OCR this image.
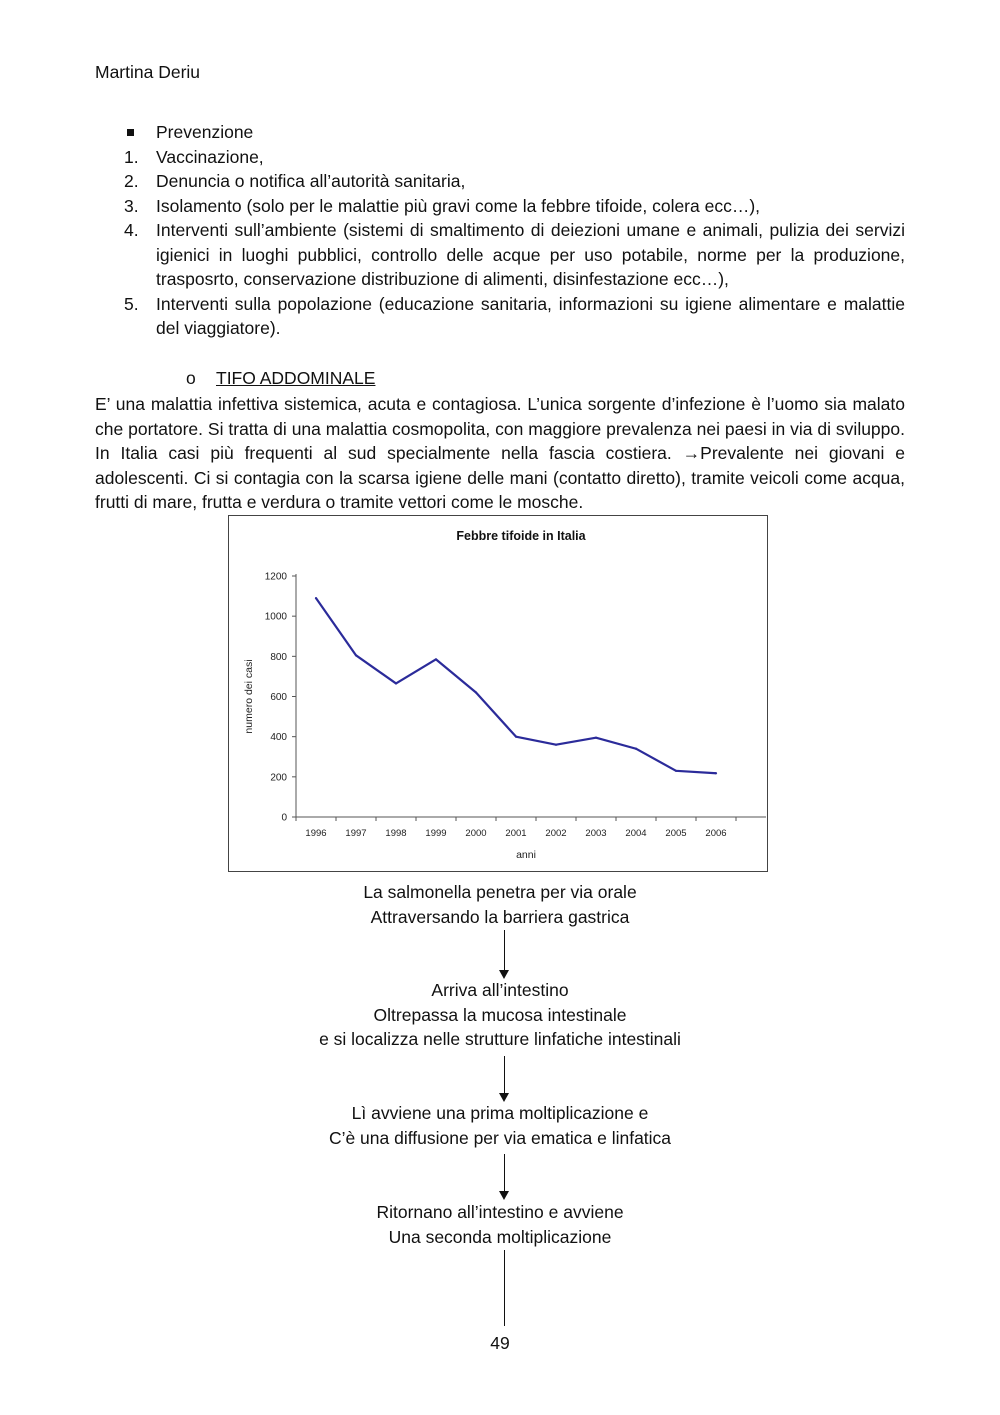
Martina Deriu
Prevenzione
1. Vaccinazione,
2. Denuncia o notifica all’autorità sanitaria,
3. Isolamento (solo per le malattie più gravi come la febbre tifoide, colera ecc…),
4. Interventi sull’ambiente (sistemi di smaltimento di deiezioni umane e animali, pulizia dei servizi igienici in luoghi pubblici, controllo delle acque per uso potabile, norme per la produzione, trasposrto, conservazione distribuzione di alimenti, disinfestazione ecc…),
5. Interventi sulla popolazione (educazione sanitaria, informazioni su igiene alimentare e malattie del viaggiatore).
o TIFO ADDOMINALE

E’ una malattia infettiva sistemica, acuta e contagiosa. L’unica sorgente d’infezione è l’uomo sia malato che portatore. Si tratta di una malattia cosmopolita, con maggiore prevalenza nei paesi in via di sviluppo. In Italia casi più frequenti al sud specialmente nella fascia costiera. →Prevalente nei giovani e adolescenti. Ci si contagia con la scarsa igiene delle mani (contatto diretto), tramite veicoli come acqua, frutti di mare, frutta e verdura o tramite vettori come le mosche.

Febbre tifoide in Italia
0
200
400
600
800
1000
1200
1996 1997 1998 1999 2000 2001 2002 2003 2004 2005 2006
anni
numero dei casi
La salmonella penetra per via orale
Attraversando la barriera gastrica
Arriva all’intestino
Oltrepassa la mucosa intestinale
e si localizza nelle strutture linfatiche intestinali
Lì avviene una prima moltiplicazione e
C’è una diffusione per via ematica e linfatica
Ritornano all’intestino e avviene
Una seconda moltiplicazione
49
